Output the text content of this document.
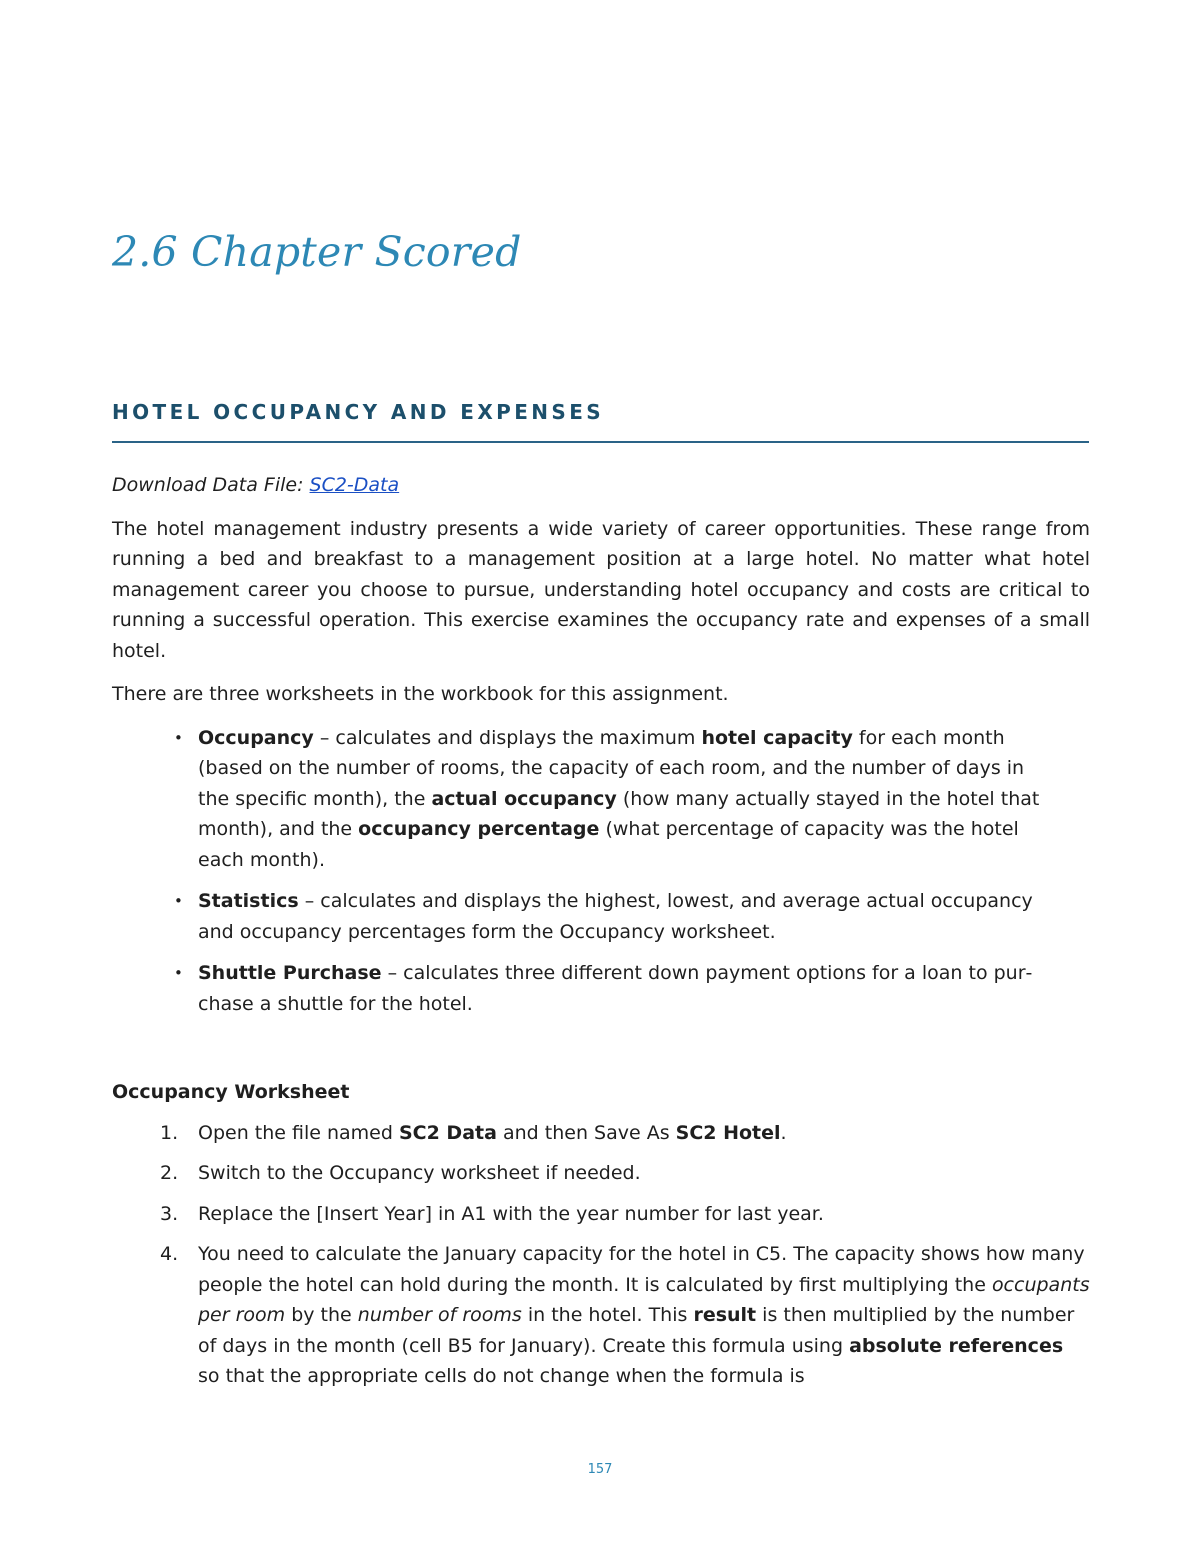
2.6 Chapter Scored
HOTEL OCCUPANCY AND EXPENSES

Download Data File: SC2-Data

The hotel management industry presents a wide variety of career opportunities. These range from running a bed and breakfast to a management position at a large hotel. No matter what hotel management career you choose to pursue, understanding hotel occupancy and costs are critical to running a successful operation. This exercise examines the occupancy rate and expenses of a small hotel.

There are three worksheets in the workbook for this assignment.

• Occupancy – calculates and displays the maximum hotel capacity for each month (based on the number of rooms, the capacity of each room, and the number of days in the specific month), the actual occupancy (how many actually stayed in the hotel that month), and the occupancy percentage (what percentage of capacity was the hotel each month).
• Statistics – calculates and displays the highest, lowest, and average actual occupancy and occupancy percentages form the Occupancy worksheet.
• Shuttle Purchase – calculates three different down payment options for a loan to purchase a shuttle for the hotel.
Occupancy Worksheet
1. Open the file named SC2 Data and then Save As SC2 Hotel.
2. Switch to the Occupancy worksheet if needed.
3. Replace the [Insert Year] in A1 with the year number for last year.
4. You need to calculate the January capacity for the hotel in C5. The capacity shows how many people the hotel can hold during the month. It is calculated by first multiplying the occupants per room by the number of rooms in the hotel. This result is then multiplied by the number of days in the month (cell B5 for January). Create this formula using absolute references so that the appropriate cells do not change when the formula is
157
